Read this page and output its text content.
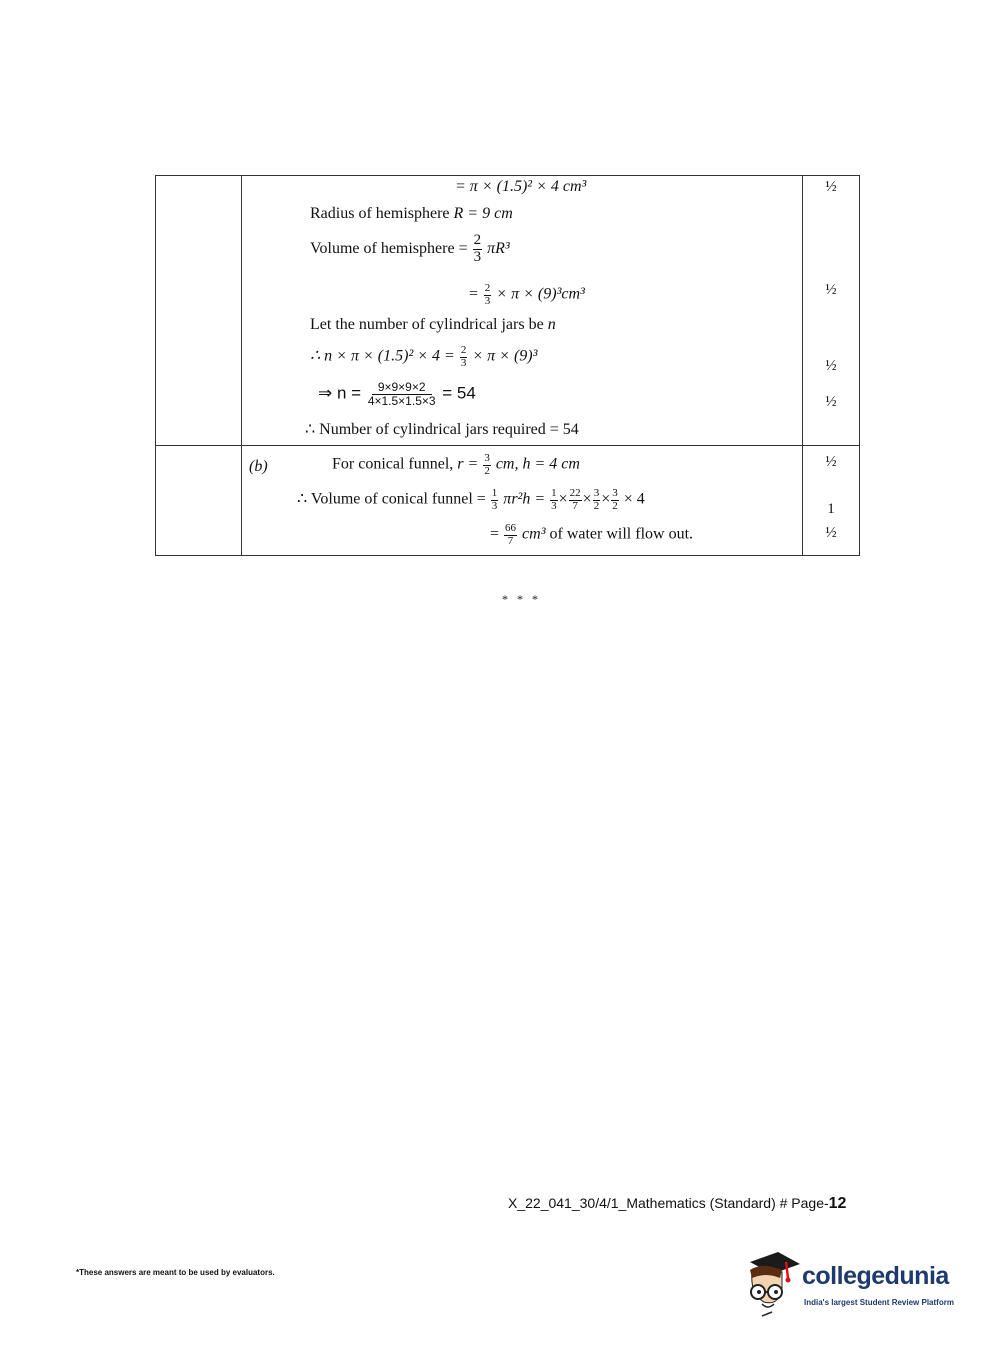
= π × (1.5)² × 4 cm³
Radius of hemisphere R = 9 cm
Volume of hemisphere = $\frac{2}{3} \pi R^3$
= $\frac{2}{3} \times \pi \times (9)^3cm^3$
Let the number of cylindrical jars be n
∴ $n \times \pi \times (1.5)^2 \times 4 = \frac{2}{3} \times \pi \times (9)^3$
⇒ $n = \frac{9\times 9\times 9\times 2}{4\times 1.5\times 1.5\times 3} = 54$
∴ Number of cylindrical jars required = 54
½
½
½
½
(b)	For conical funnel, $r = \frac{3}{2}$ cm, h = 4 cm
∴ Volume of conical funnel = $\frac{1}{3} \pi r^2h = \frac{1}{3} \times \frac{22}{7} \times \frac{3}{2} \times \frac{3}{2} \times 4$
= $\frac{66}{7} cm^3$ of water will flow out.
½
1
½
* * *
X_22_041_30/4/1_Mathematics (Standard) # Page-12
*These answers are meant to be used by evaluators.	collegedunia
India's largest Student Review Platform
